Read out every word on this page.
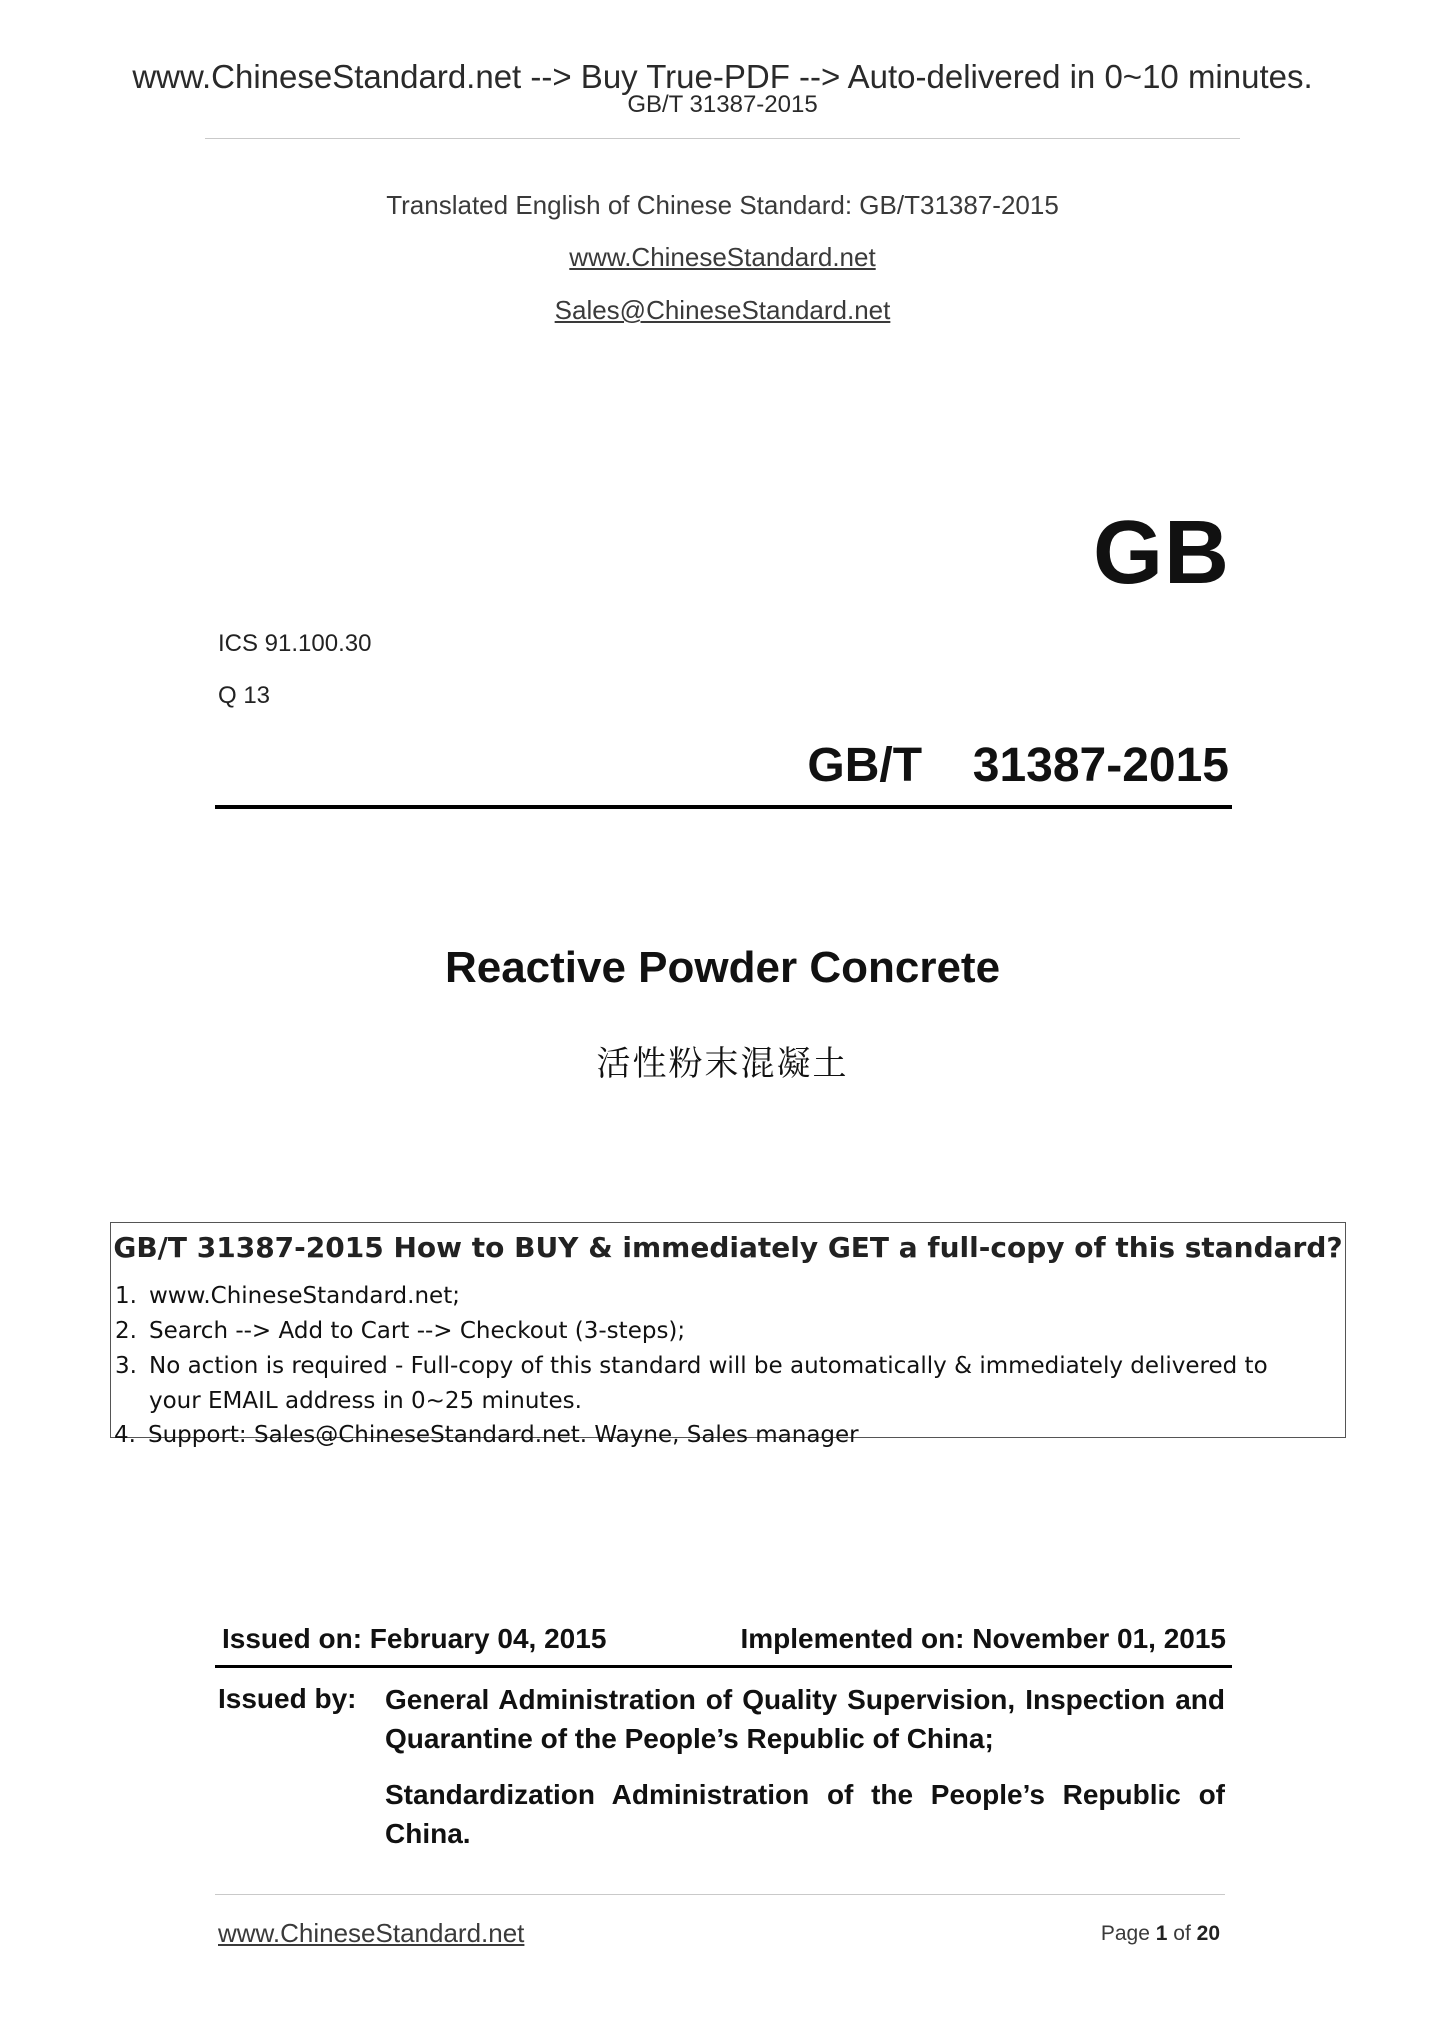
www.ChineseStandard.net --> Buy True-PDF --> Auto-delivered in 0~10 minutes.
GB/T 31387-2015
Translated English of Chinese Standard: GB/T31387-2015
www.ChineseStandard.net
Sales@ChineseStandard.net
GB
ICS 91.100.30
Q 13
GB/T  31387-2015
Reactive Powder Concrete
活性粉末混凝土
GB/T 31387-2015 How to BUY & immediately GET a full-copy of this standard?
1. www.ChineseStandard.net;
2. Search --> Add to Cart --> Checkout (3-steps);
3. No action is required - Full-copy of this standard will be automatically & immediately delivered to
your EMAIL address in 0~25 minutes.
4. Support: Sales@ChineseStandard.net. Wayne, Sales manager
Issued on: February 04, 2015	Implemented on: November 01, 2015
Issued by: General Administration of Quality Supervision, Inspection and Quarantine of the People’s Republic of China;
Standardization Administration of the People’s Republic of China.
www.ChineseStandard.net	Page 1 of 20
